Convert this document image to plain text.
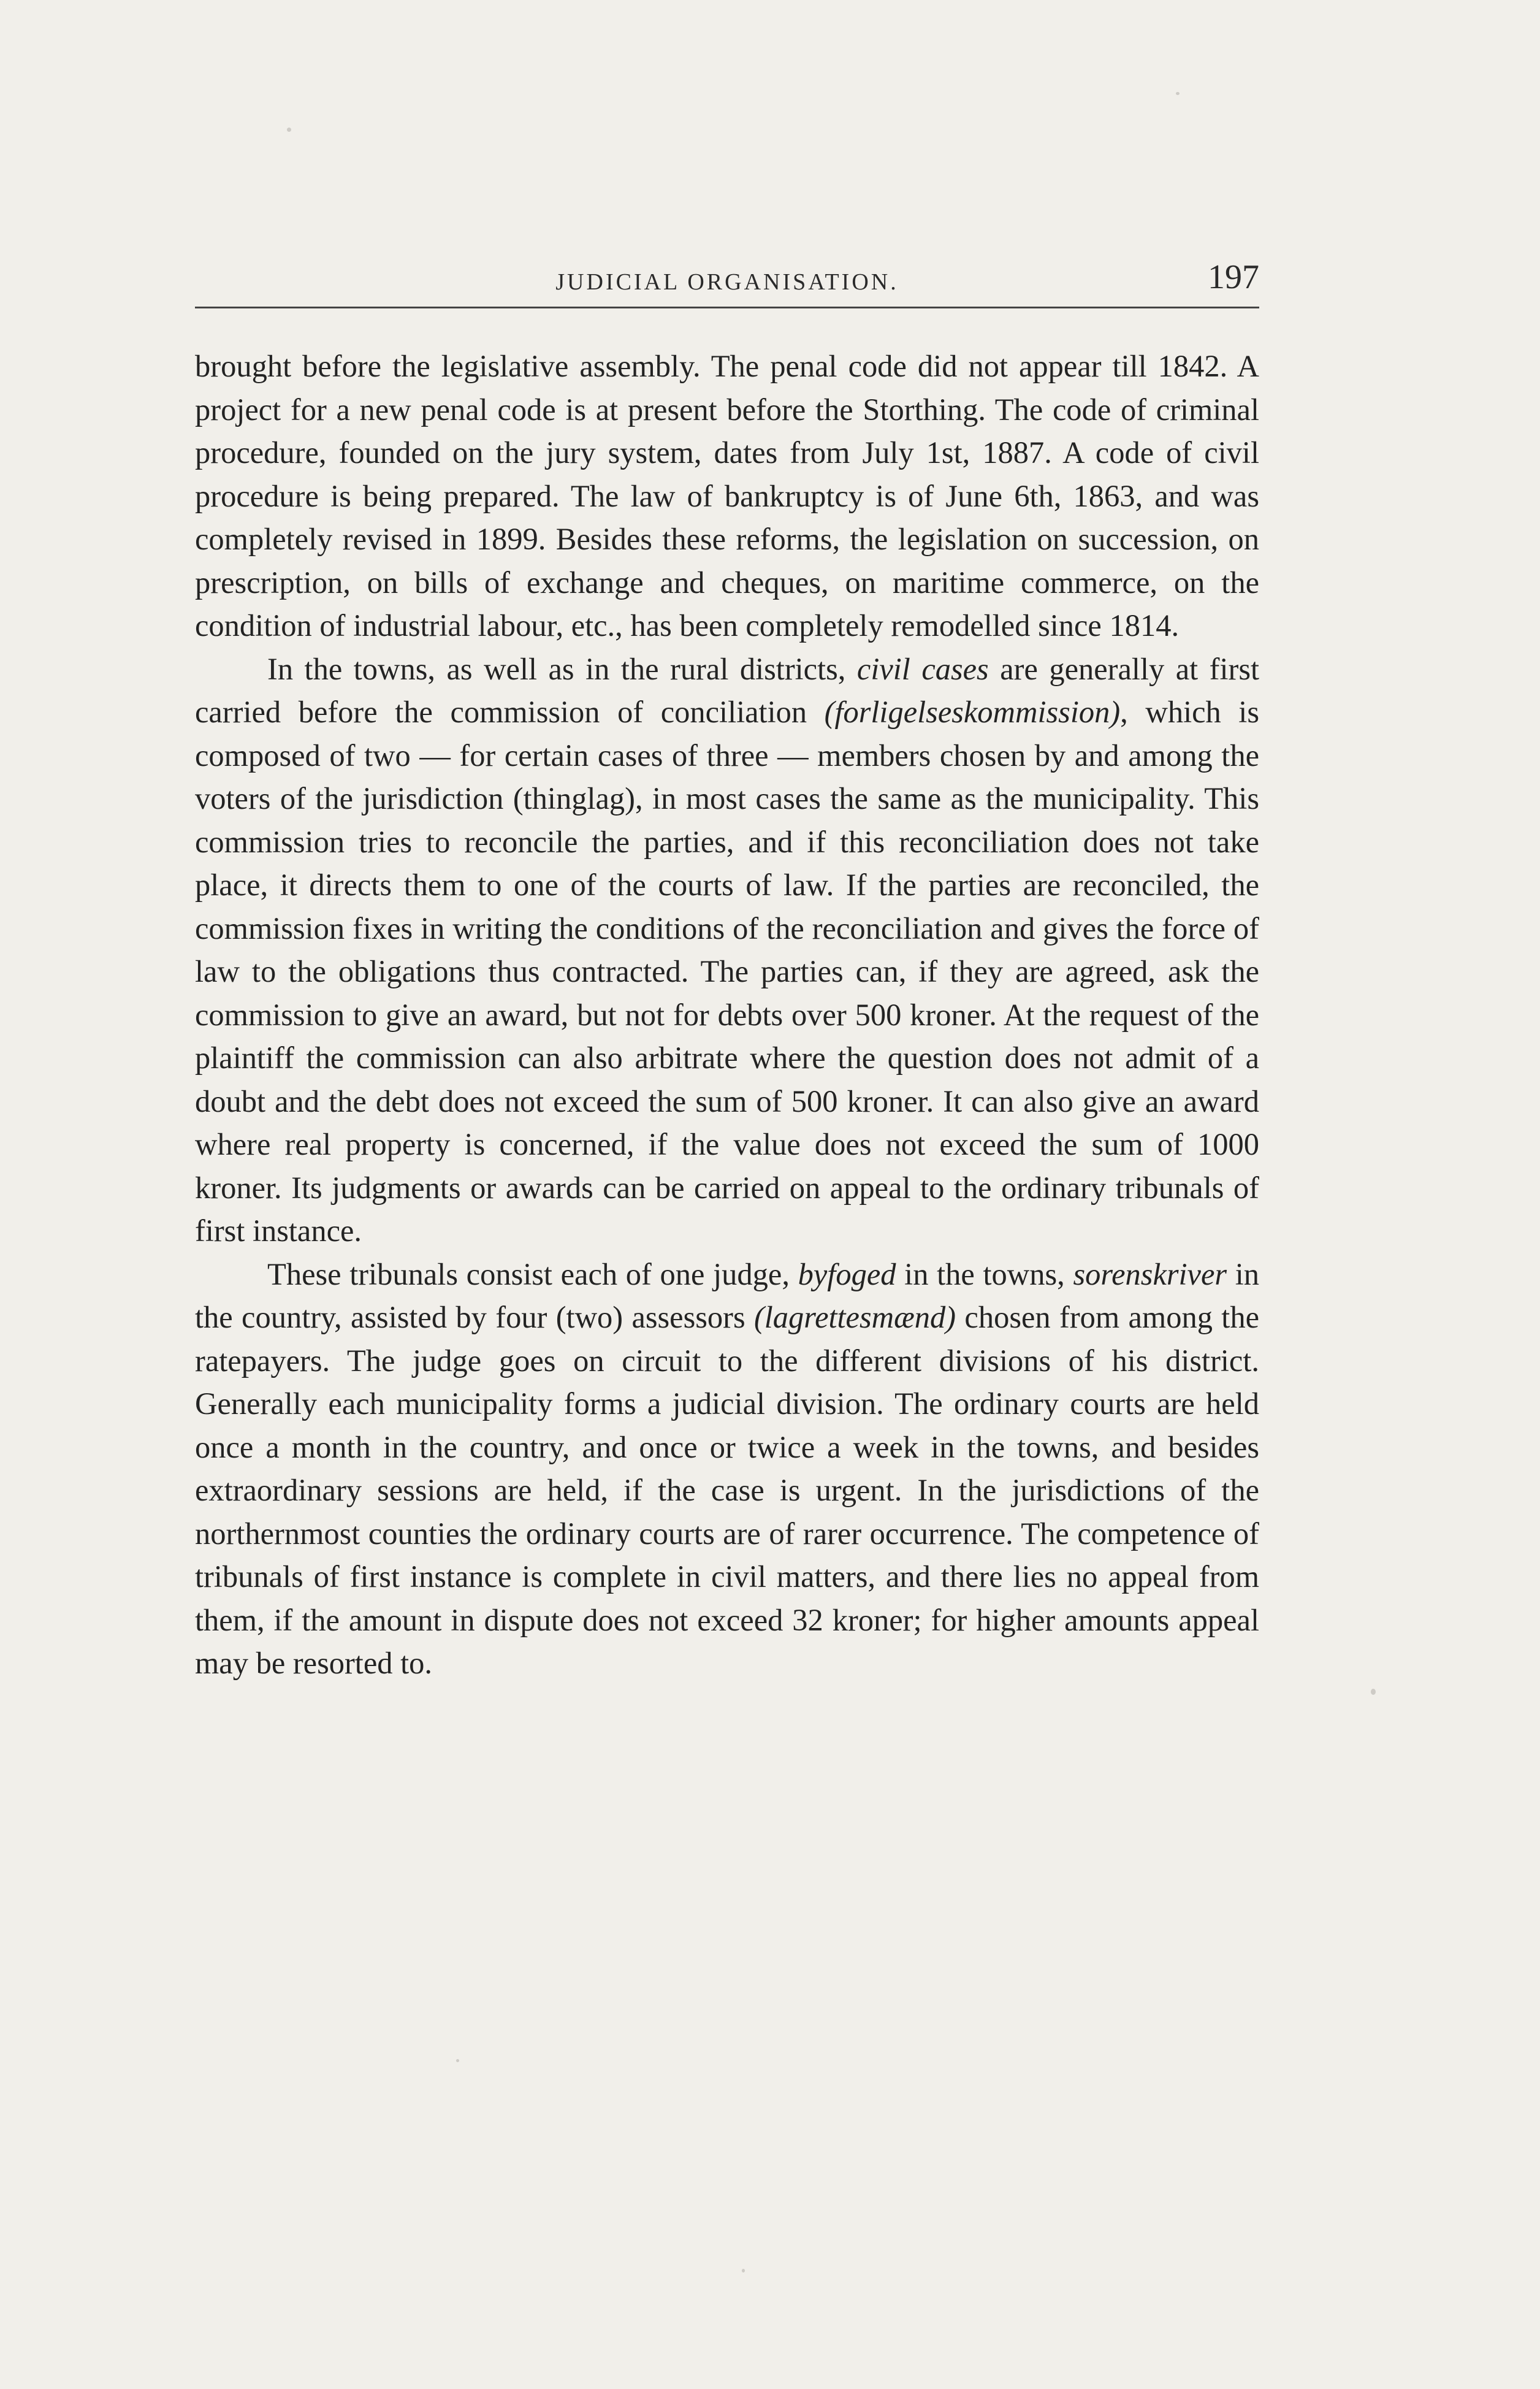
JUDICIAL ORGANISATION.	197

brought before the legislative assembly. The penal code did not appear till 1842. A project for a new penal code is at present before the Storthing. The code of criminal procedure, founded on the jury system, dates from July 1st, 1887. A code of civil procedure is being prepared. The law of bankruptcy is of June 6th, 1863, and was completely revised in 1899. Besides these reforms, the legislation on succession, on prescription, on bills of exchange and cheques, on maritime commerce, on the condition of industrial labour, etc., has been completely remodelled since 1814.

In the towns, as well as in the rural districts, civil cases are generally at first carried before the commission of conciliation (forligelseskommission), which is composed of two — for certain cases of three — members chosen by and among the voters of the jurisdiction (thinglag), in most cases the same as the municipality. This commission tries to reconcile the parties, and if this reconciliation does not take place, it directs them to one of the courts of law. If the parties are reconciled, the commission fixes in writing the conditions of the reconciliation and gives the force of law to the obligations thus contracted. The parties can, if they are agreed, ask the commission to give an award, but not for debts over 500 kroner. At the request of the plaintiff the commission can also arbitrate where the question does not admit of a doubt and the debt does not exceed the sum of 500 kroner. It can also give an award where real property is concerned, if the value does not exceed the sum of 1000 kroner. Its judgments or awards can be carried on appeal to the ordinary tribunals of first instance.

These tribunals consist each of one judge, byfoged in the towns, sorenskriver in the country, assisted by four (two) assessors (lagrettesmænd) chosen from among the ratepayers. The judge goes on circuit to the different divisions of his district. Generally each municipality forms a judicial division. The ordinary courts are held once a month in the country, and once or twice a week in the towns, and besides extraordinary sessions are held, if the case is urgent. In the jurisdictions of the northernmost counties the ordinary courts are of rarer occurrence. The competence of tribunals of first instance is complete in civil matters, and there lies no appeal from them, if the amount in dispute does not exceed 32 kroner; for higher amounts appeal may be resorted to.
